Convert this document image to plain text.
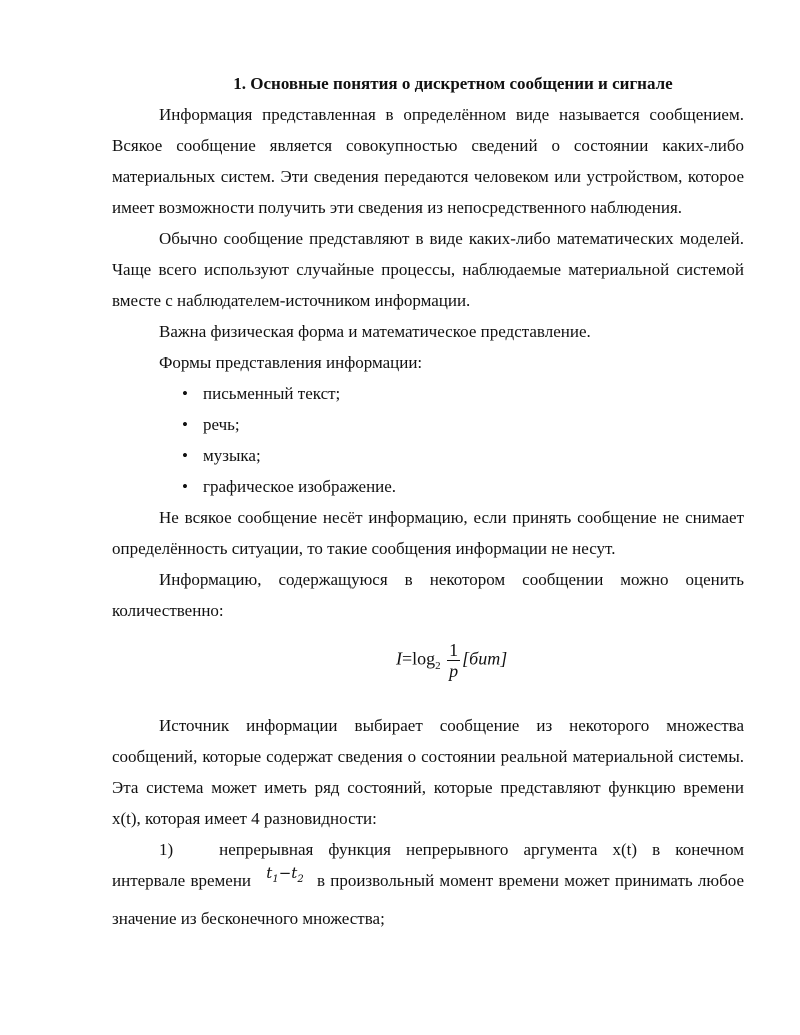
1. Основные понятия о дискретном сообщении и сигнале

Информация представленная в определённом виде называется сообщением. Всякое сообщение является совокупностью сведений о состоянии каких-либо материальных систем. Эти сведения передаются человеком или устройством, которое имеет возможности получить эти сведения из непосредственного наблюдения.

Обычно сообщение представляют в виде каких-либо математических моделей. Чаще всего используют случайные процессы, наблюдаемые материальной системой вместе с наблюдателем-источником информации.

Важна физическая форма и математическое представление.

Формы представления информации:

• письменный текст;
• речь;
• музыка;
• графическое изображение.

Не всякое сообщение несёт информацию, если принять сообщение не снимает определённость ситуации, то такие сообщения информации не несут.

Информацию, содержащуюся в некотором сообщении можно оценить количественно:

$I=\log_2 \frac{1}{p} [бит]$

Источник информации выбирает сообщение из некоторого множества сообщений, которые содержат сведения о состоянии реальной материальной системы. Эта система может иметь ряд состояний, которые представляют функцию времени x(t), которая имеет 4 разновидности:

1)	непрерывная функция непрерывного аргумента x(t) в конечном интервале времени $t_1-t_2$ в произвольный момент времени может принимать любое значение из бесконечного множества;
